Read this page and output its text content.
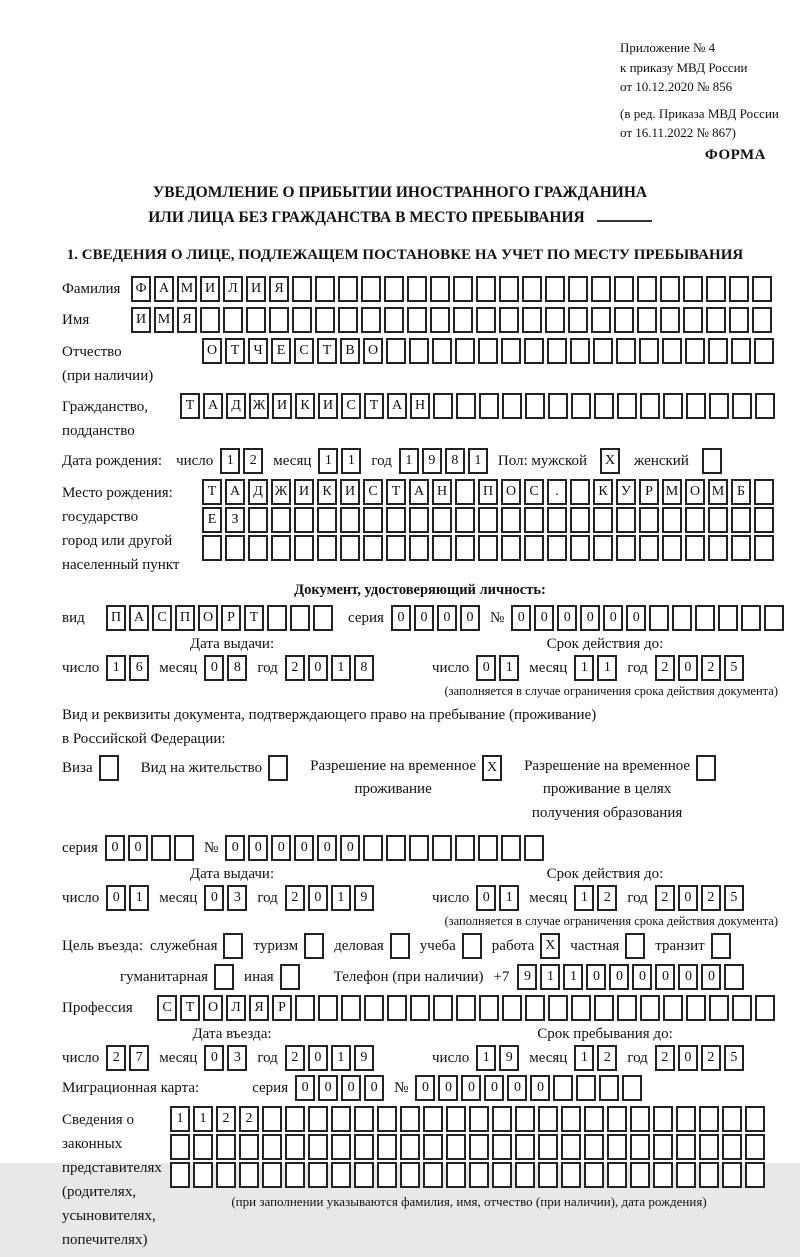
Приложение № 4
к приказу МВД России
от 10.12.2020 № 856
(в ред. Приказа МВД России
от 16.11.2022 № 867)
ФОРМА
УВЕДОМЛЕНИЕ О ПРИБЫТИИ ИНОСТРАННОГО ГРАЖДАНИНА
ИЛИ ЛИЦА БЕЗ ГРАЖДАНСТВА В МЕСТО ПРЕБЫВАНИЯ
1. СВЕДЕНИЯ О ЛИЦЕ, ПОДЛЕЖАЩЕМ ПОСТАНОВКЕ НА УЧЕТ ПО МЕСТУ ПРЕБЫВАНИЯ
Фамилия	Ф А М И Л И Я
Имя	И М Я
Отчество
(при наличии)
О Т	Ч	Е	С	Т	В О
Гражданство,
подданство
Т А Д Ж И К И С	Т А Н
Дата рождения: число 1	2	месяц 1	1	год 1	9	8	1	Пол: мужской	X	женский
Место рождения:
государство
город или другой
населенный пункт
Т А Д Ж И К И С	Т А Н	П О С	.	К У	Р М О М Б
Е	З
Документ, удостоверяющий личность:
вид	П А С П О	Р	Т	серия 0	0	0	0	№ 0	0	0	0	0	0
Дата выдачи:
число 1	6	месяц 0	8	год 2	0	1	8
Срок действия до:
число 0	1	месяц 1	1	год 2	0	2	5
(заполняется в случае ограничения срока действия документа)
Вид и реквизиты документа, подтверждающего право на пребывание (проживание)
в Российской Федерации:
Виза	Вид на жительство	Разрешение на временное
проживание
X	Разрешение на временное
проживание в целях
получения образования
серия 0	0	№ 0	0	0	0	0	0
Дата выдачи:
число 0	1	месяц 0	3	год 2	0	1	9
Срок действия до:
число 0	1	месяц 1	2	год 2	0	2	5
(заполняется в случае ограничения срока действия документа)
Цель въезда: служебная туризм деловая учеба работа X частная транзит
гуманитарная иная	Телефон (при наличии) +7	9	1	1	0	0	0	0	0	0
Профессия	С	Т О Л Я	Р
Дата въезда:
число 2	7	месяц 0	3	год 2	0	1	9
Срок пребывания до:
число 1	9	месяц 1	2	год 2	0	2	5
Миграционная карта:	серия 0	0	0	0	№ 0	0	0	0	0	0
Сведения о
законных
представителях
(родителях,
усыновителях,
попечителях)
1	1	2	2
(при заполнении указываются фамилия, имя, отчество (при наличии), дата рождения)
